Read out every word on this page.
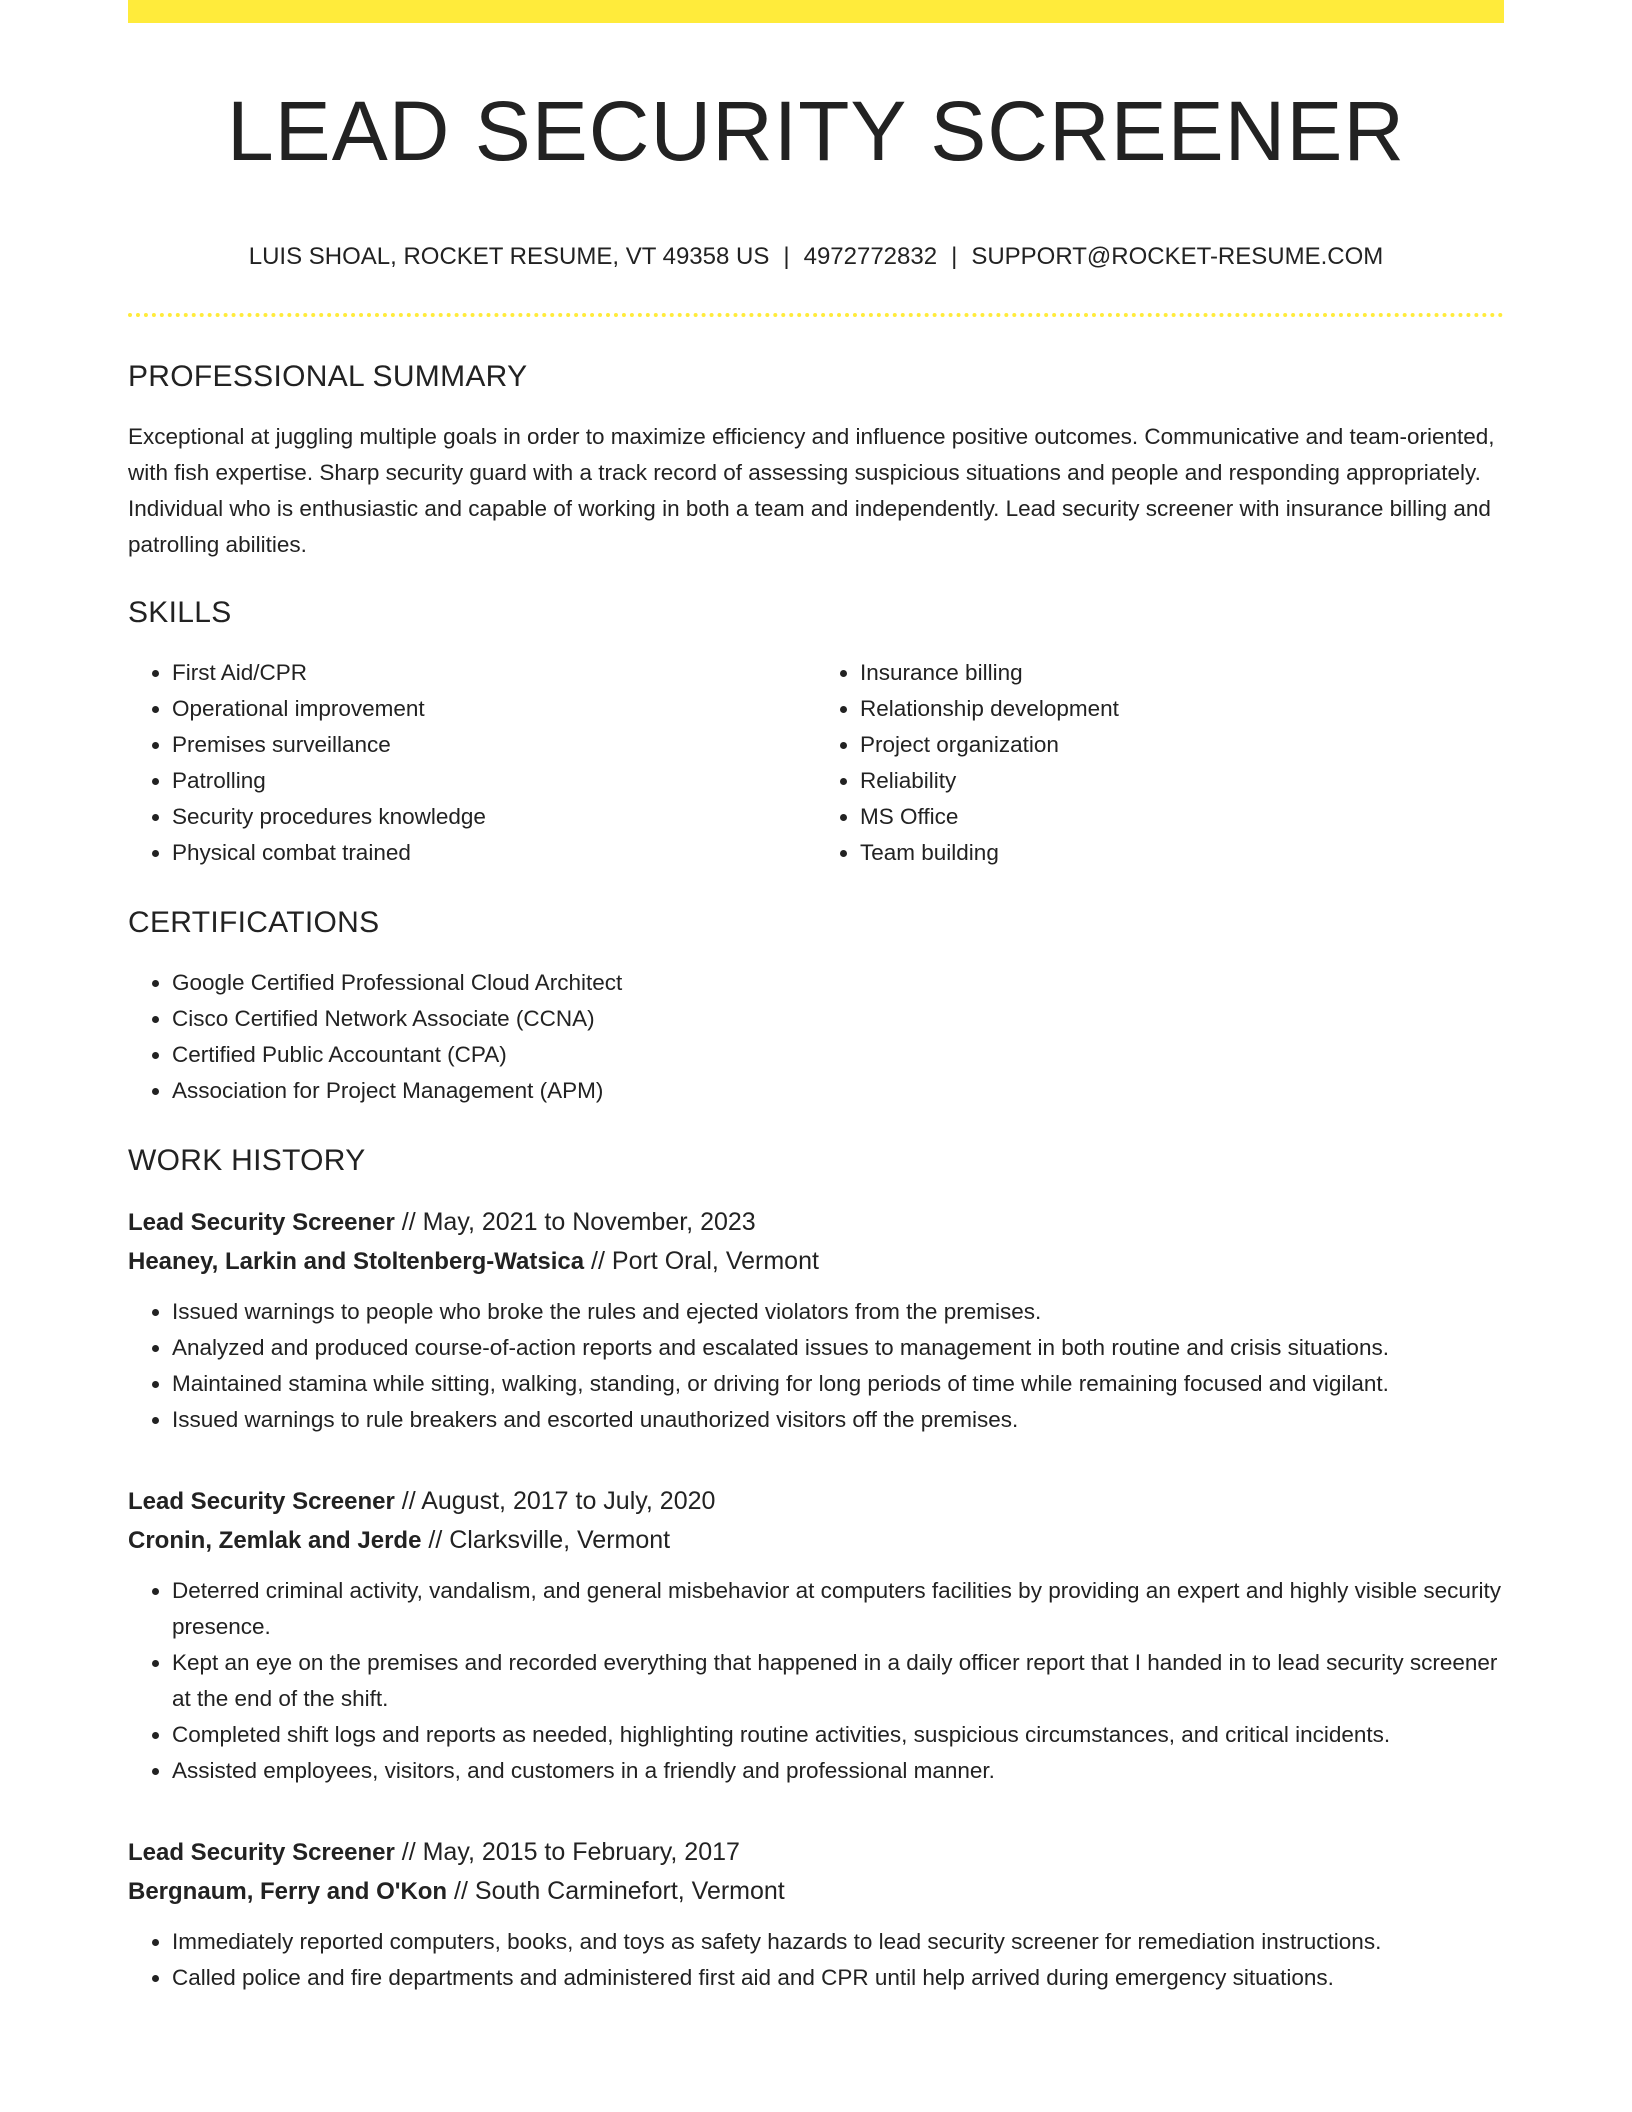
LEAD SECURITY SCREENER
LUIS SHOAL, ROCKET RESUME, VT 49358 US | 4972772832 | SUPPORT@ROCKET-RESUME.COM
PROFESSIONAL SUMMARY
Exceptional at juggling multiple goals in order to maximize efficiency and influence positive outcomes. Communicative and team-oriented, with fish expertise. Sharp security guard with a track record of assessing suspicious situations and people and responding appropriately. Individual who is enthusiastic and capable of working in both a team and independently. Lead security screener with insurance billing and patrolling abilities.
SKILLS
• First Aid/CPR
• Operational improvement
• Premises surveillance
• Patrolling
• Security procedures knowledge
• Physical combat trained
• Insurance billing
• Relationship development
• Project organization
• Reliability
• MS Office
• Team building
CERTIFICATIONS
• Google Certified Professional Cloud Architect
• Cisco Certified Network Associate (CCNA)
• Certified Public Accountant (CPA)
• Association for Project Management (APM)
WORK HISTORY
Lead Security Screener // May, 2021 to November, 2023
Heaney, Larkin and Stoltenberg-Watsica // Port Oral, Vermont
• Issued warnings to people who broke the rules and ejected violators from the premises.
• Analyzed and produced course-of-action reports and escalated issues to management in both routine and crisis situations.
• Maintained stamina while sitting, walking, standing, or driving for long periods of time while remaining focused and vigilant.
• Issued warnings to rule breakers and escorted unauthorized visitors off the premises.
Lead Security Screener // August, 2017 to July, 2020
Cronin, Zemlak and Jerde // Clarksville, Vermont
• Deterred criminal activity, vandalism, and general misbehavior at computers facilities by providing an expert and highly visible security presence.
• Kept an eye on the premises and recorded everything that happened in a daily officer report that I handed in to lead security screener at the end of the shift.
• Completed shift logs and reports as needed, highlighting routine activities, suspicious circumstances, and critical incidents.
• Assisted employees, visitors, and customers in a friendly and professional manner.
Lead Security Screener // May, 2015 to February, 2017
Bergnaum, Ferry and O'Kon // South Carminefort, Vermont
• Immediately reported computers, books, and toys as safety hazards to lead security screener for remediation instructions.
• Called police and fire departments and administered first aid and CPR until help arrived during emergency situations.
